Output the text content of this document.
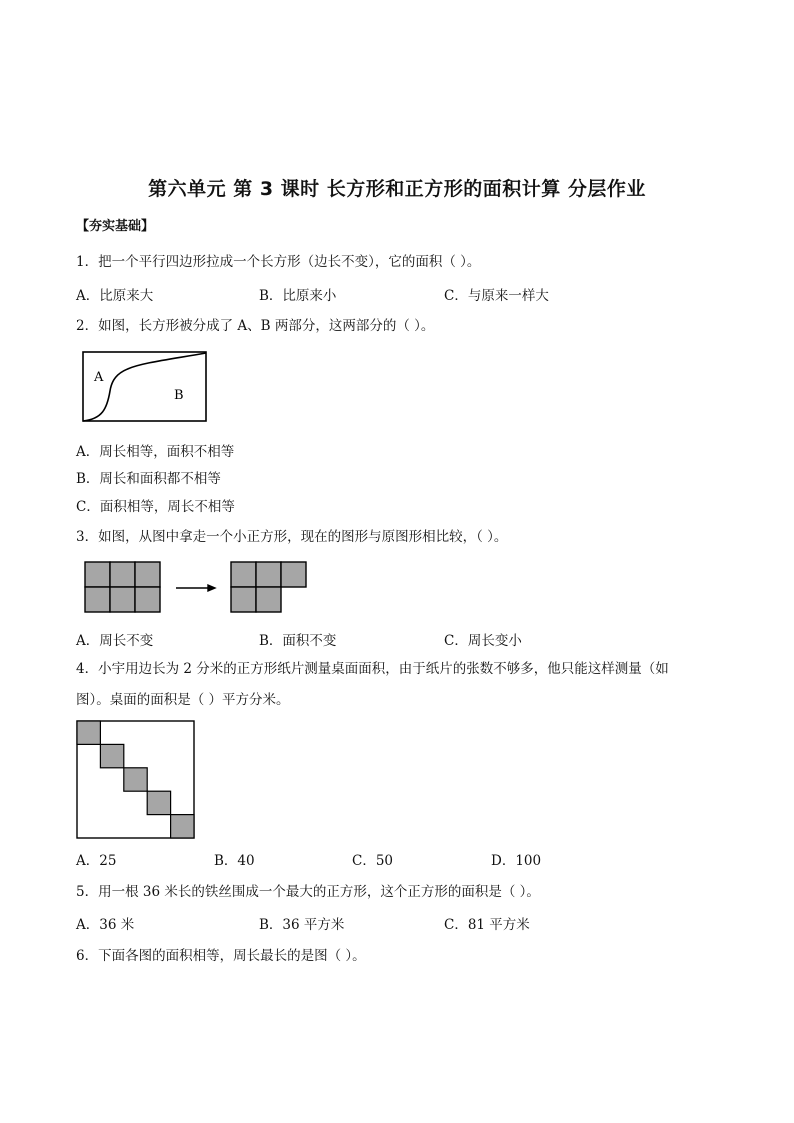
第六单元 第 3 课时 长方形和正方形的面积计算 分层作业
【夯实基础】
1．把一个平行四边形拉成一个长方形（边长不变），它的面积（ ）。
A．比原来大	B．比原来小	C．与原来一样大
2．如图，长方形被分成了 A、B 两部分，这两部分的（ ）。
A
B
A．周长相等，面积不相等
B．周长和面积都不相等
C．面积相等，周长不相等
3．如图，从图中拿走一个小正方形，现在的图形与原图形相比较，（ ）。
A．周长不变	B．面积不变	C．周长变小
4．小宇用边长为 2 分米的正方形纸片测量桌面面积，由于纸片的张数不够多，他只能这样测量（如
图）。桌面的面积是（ ）平方分米。
A．25	B．40	C．50	D．100
5．用一根 36 米长的铁丝围成一个最大的正方形，这个正方形的面积是（ ）。
A．36 米	B．36 平方米	C．81 平方米
6．下面各图的面积相等，周长最长的是图（ ）。
